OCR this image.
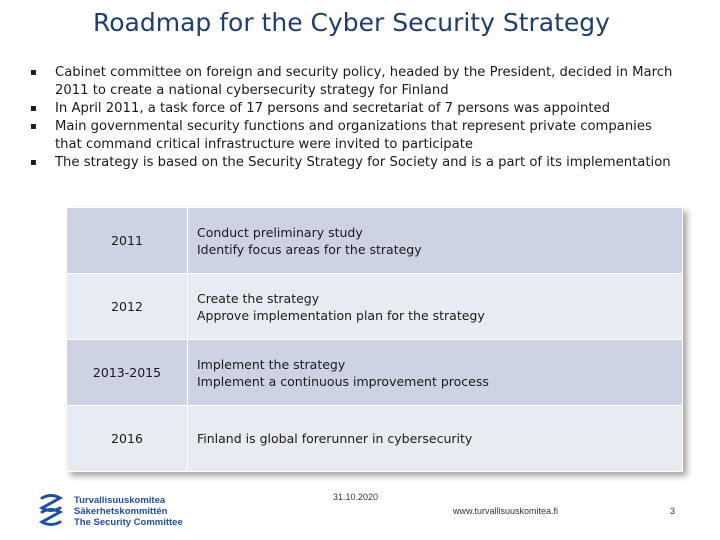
Roadmap for the Cyber Security Strategy
▪ Cabinet committee on foreign and security policy, headed by the President, decided in March
2011 to create a national cybersecurity strategy for Finland
▪ In April 2011, a task force of 17 persons and secretariat of 7 persons was appointed
▪ Main governmental security functions and organizations that represent private companies
that command critical infrastructure were invited to participate
▪ The strategy is based on the Security Strategy for Society and is a part of its implementation
2011	Conduct preliminary study
Identify focus areas for the strategy
2012	Create the strategy
Approve implementation plan for the strategy
2013-2015	Implement the strategy
Implement a continuous improvement process
2016	Finland is global forerunner in cybersecurity
Turvallisuuskomitea
Säkerhetskommittén
The Security Committee
31.10.2020
www.turvallisuuskomitea.fi	3
